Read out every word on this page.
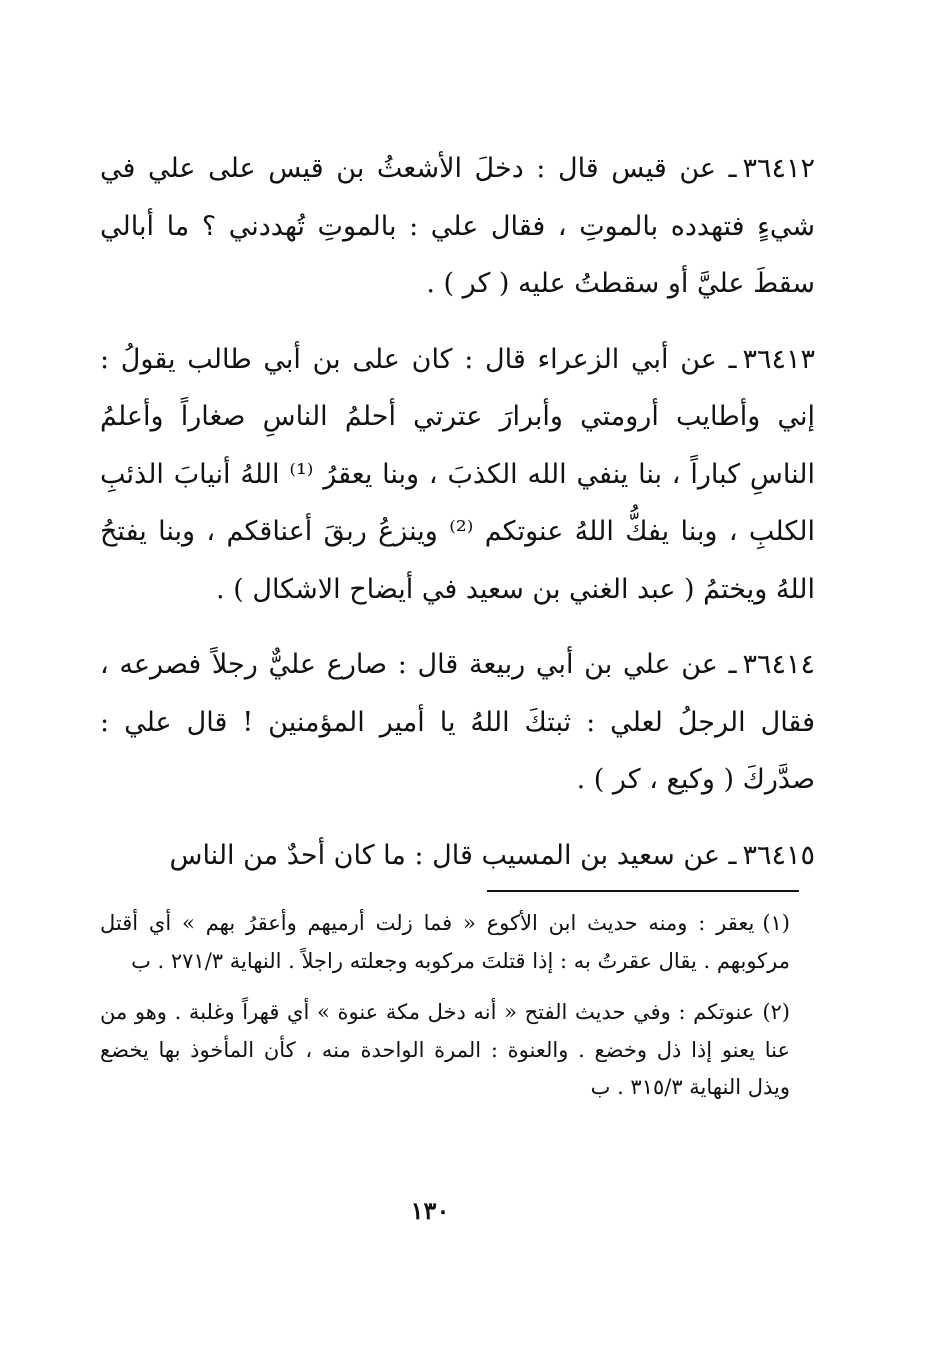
٣٦٤١٢ـ عن قيس قال : دخلَ الأشعثُ بن قيس على علي في شيءٍ فتهدده بالموتِ ، فقال علي : بالموتِ تُهددني ؟ ما أبالي سقطَ عليَّ أو سقطتُ عليه ( كر ) .

٣٦٤١٣ـ عن أبي الزعراء قال : كان على بن أبي طالب يقولُ : إني وأطايب أرومتي وأبرارَ عترتي أحلمُ الناسِ صغاراً وأعلمُ الناسِ كباراً ، بنا ينفي الله الكذبَ ، وبنا يعقرُ ⁽¹⁾ اللهُ أنيابَ الذئبِ الكلبِ ، وبنا يفكُّ اللهُ عنوتكم ⁽²⁾ وينزعُ ربقَ أعناقكم ، وبنا يفتحُ اللهُ ويختمُ ( عبد الغني بن سعيد في أيضاح الاشكال ) .

٣٦٤١٤ـ عن علي بن أبي ربيعة قال : صارع عليٌّ رجلاً فصرعه ، فقال الرجلُ لعلي : ثبتكَ اللهُ يا أمير المؤمنين ! قال علي : صدَّركَ ( وكيع ، كر ) .

٣٦٤١٥ـ عن سعيد بن المسيب قال : ما كان أحدٌ من الناس

(١)يعقر : ومنه حديث ابن الأكوع « فما زلت أرميهم وأعقرُ بهم » أي أقتل مركوبهم . يقال عقرتُ به : إذا قتلتَ مركوبه وجعلته راجلاً . النهاية ٢٧١/٣ . ب

(٢)عنوتكم : وفي حديث الفتح « أنه دخل مكة عنوة » أي قهراً وغلبة . وهو من عنا يعنو إذا ذل وخضع . والعنوة : المرة الواحدة منه ، كأن المأخوذ بها يخضع ويذل النهاية ٣١٥/٣ . ب

١٣٠
